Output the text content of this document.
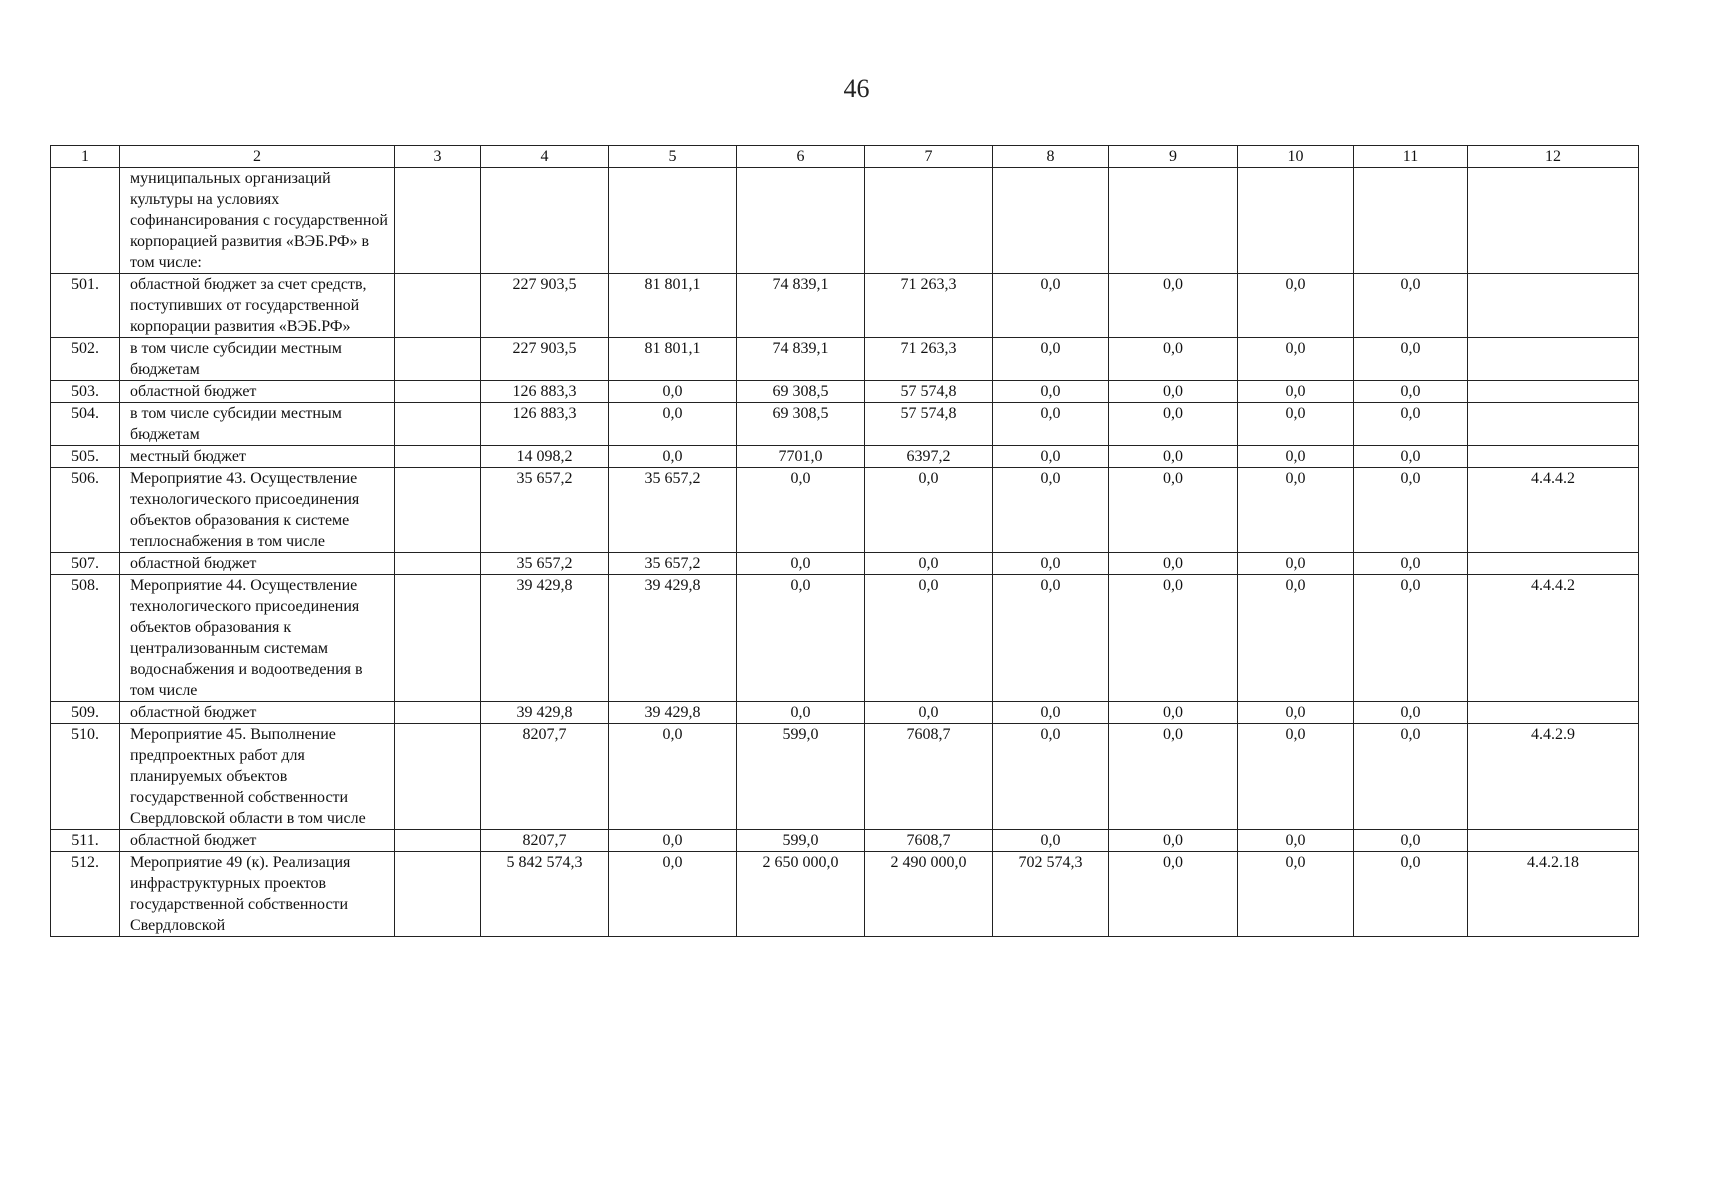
46
1	2	3	4	5	6	7	8	9	10	11	12
	муниципальных организаций культуры на условиях софинансирования с государственной корпорацией развития «ВЭБ.РФ» в том числе:										
501.	областной бюджет за счет средств, поступивших от государственной корпорации развития «ВЭБ.РФ»		227 903,5	81 801,1	74 839,1	71 263,3	0,0	0,0	0,0	0,0	
502.	в том числе субсидии местным бюджетам		227 903,5	81 801,1	74 839,1	71 263,3	0,0	0,0	0,0	0,0	
503.	областной бюджет		126 883,3	0,0	69 308,5	57 574,8	0,0	0,0	0,0	0,0	
504.	в том числе субсидии местным бюджетам		126 883,3	0,0	69 308,5	57 574,8	0,0	0,0	0,0	0,0	
505.	местный бюджет		14 098,2	0,0	7701,0	6397,2	0,0	0,0	0,0	0,0	
506.	Мероприятие 43. Осуществление технологического присоединения объектов образования к системе теплоснабжения в том числе		35 657,2	35 657,2	0,0	0,0	0,0	0,0	0,0	0,0	4.4.4.2
507.	областной бюджет		35 657,2	35 657,2	0,0	0,0	0,0	0,0	0,0	0,0	
508.	Мероприятие 44. Осуществление технологического присоединения объектов образования к централизованным системам водоснабжения и водоотведения в том числе		39 429,8	39 429,8	0,0	0,0	0,0	0,0	0,0	0,0	4.4.4.2
509.	областной бюджет		39 429,8	39 429,8	0,0	0,0	0,0	0,0	0,0	0,0	
510.	Мероприятие 45. Выполнение предпроектных работ для планируемых объектов государственной собственности Свердловской области в том числе		8207,7	0,0	599,0	7608,7	0,0	0,0	0,0	0,0	4.4.2.9
511.	областной бюджет		8207,7	0,0	599,0	7608,7	0,0	0,0	0,0	0,0	
512.	Мероприятие 49 (к). Реализация инфраструктурных проектов государственной собственности Свердловской		5 842 574,3	0,0	2 650 000,0	2 490 000,0	702 574,3	0,0	0,0	0,0	4.4.2.18
